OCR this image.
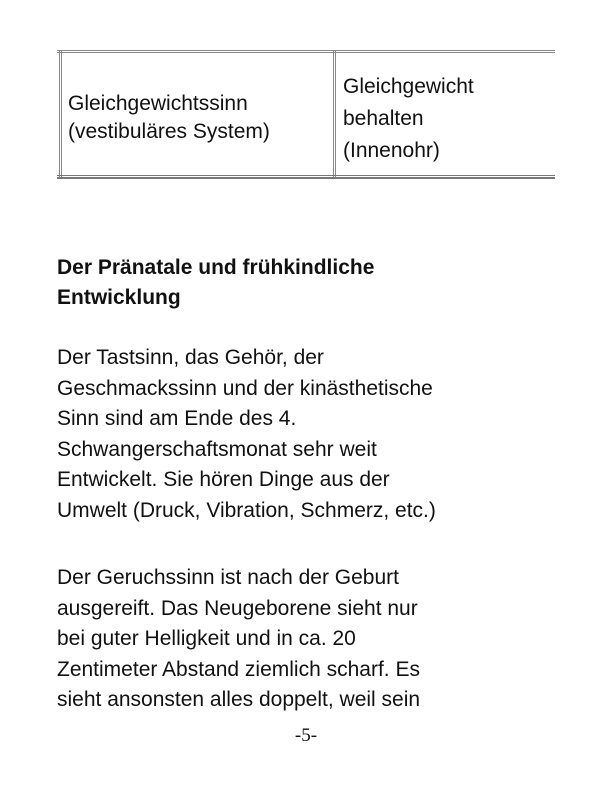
Gleichgewichtssinn
(vestibuläres System)
Gleichgewicht
behalten
(Innenohr)
Der Pränatale und frühkindliche
Entwicklung
Der Tastsinn, das Gehör, der
Geschmackssinn und der kinästhetische
Sinn sind am Ende des 4.
Schwangerschaftsmonat sehr weit
Entwickelt. Sie hören Dinge aus der
Umwelt (Druck, Vibration, Schmerz, etc.)
Der Geruchssinn ist nach der Geburt
ausgereift. Das Neugeborene sieht nur
bei guter Helligkeit und in ca. 20
Zentimeter Abstand ziemlich scharf. Es
sieht ansonsten alles doppelt, weil sein
-5-
